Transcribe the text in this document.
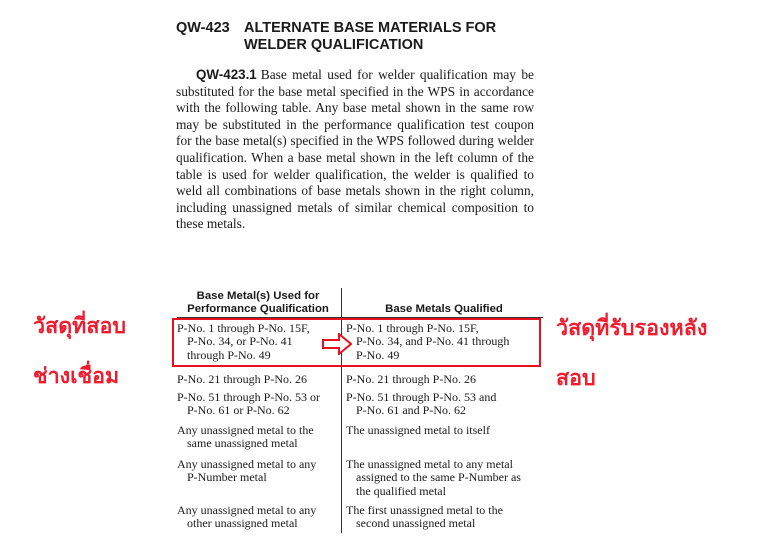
QW-423 ALTERNATE BASE MATERIALS FOR
WELDER QUALIFICATION

QW-423.1 Base metal used for welder qualification may be substituted for the base metal specified in the WPS in accordance with the following table. Any base metal shown in the same row may be substituted in the performance qualification test coupon for the base metal(s) specified in the WPS followed during welder qualification. When a base metal shown in the left column of the table is used for welder qualification, the welder is qualified to weld all combinations of base metals shown in the right column, including unassigned metals of similar chemical composition to these metals.

Base Metal(s) Used for
Performance Qualification	Base Metals Qualified
P-No. 1 through P-No. 15F,
P-No. 34, or P-No. 41
through P-No. 49
P-No. 1 through P-No. 15F,
P-No. 34, and P-No. 41 through
P-No. 49
P-No. 21 through P-No. 26	P-No. 21 through P-No. 26
P-No. 51 through P-No. 53 or
P-No. 61 or P-No. 62
P-No. 51 through P-No. 53 and
P-No. 61 and P-No. 62
Any unassigned metal to the
same unassigned metal
The unassigned metal to itself
Any unassigned metal to any
P-Number metal
The unassigned metal to any metal
assigned to the same P-Number as
the qualified metal
Any unassigned metal to any
other unassigned metal
The first unassigned metal to the
second unassigned metal
วัสดุที่สอบ
ช่างเชื่อม
วัสดุที่รับรองหลัง
สอบ
